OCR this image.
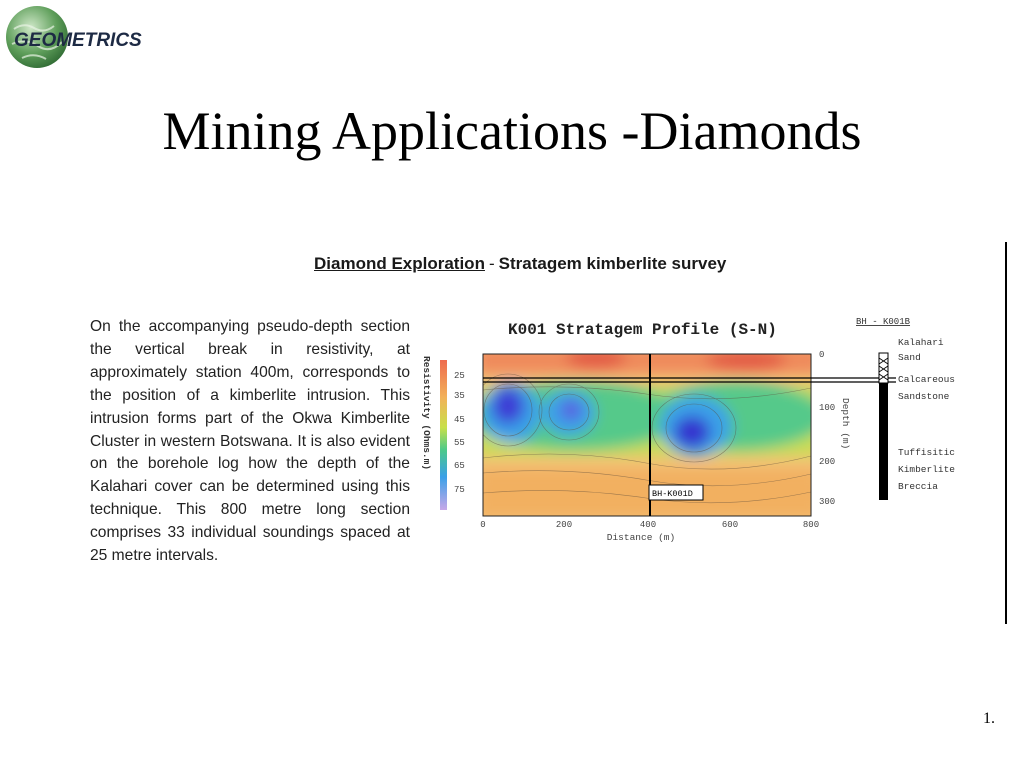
GEOMETRICS
Mining Applications -Diamonds
Diamond Exploration - Stratagem kimberlite survey
On the accompanying pseudo-depth section the vertical break in resistivity, at approximately station 400m, corresponds to the position of a kimberlite intrusion. This intrusion forms part of the Okwa Kimberlite Cluster in western Botswana. It is also evident on the borehole log how the depth of the Kalahari cover can be determined using this technique. This 800 metre long section comprises 33 individual soundings spaced at 25 metre intervals.
K001 Stratagem Profile (S-N)
Resistivity (Ohms.m) 25
35
45
55
65
75	BH-K001D
0	200	400	600	800
Distance (m)
0
100
200
300
Depth (m)
BH - K001B
Kalahari
Sand
Calcareous
Sandstone
Tuffisitic
Kimberlite
Breccia
1.
